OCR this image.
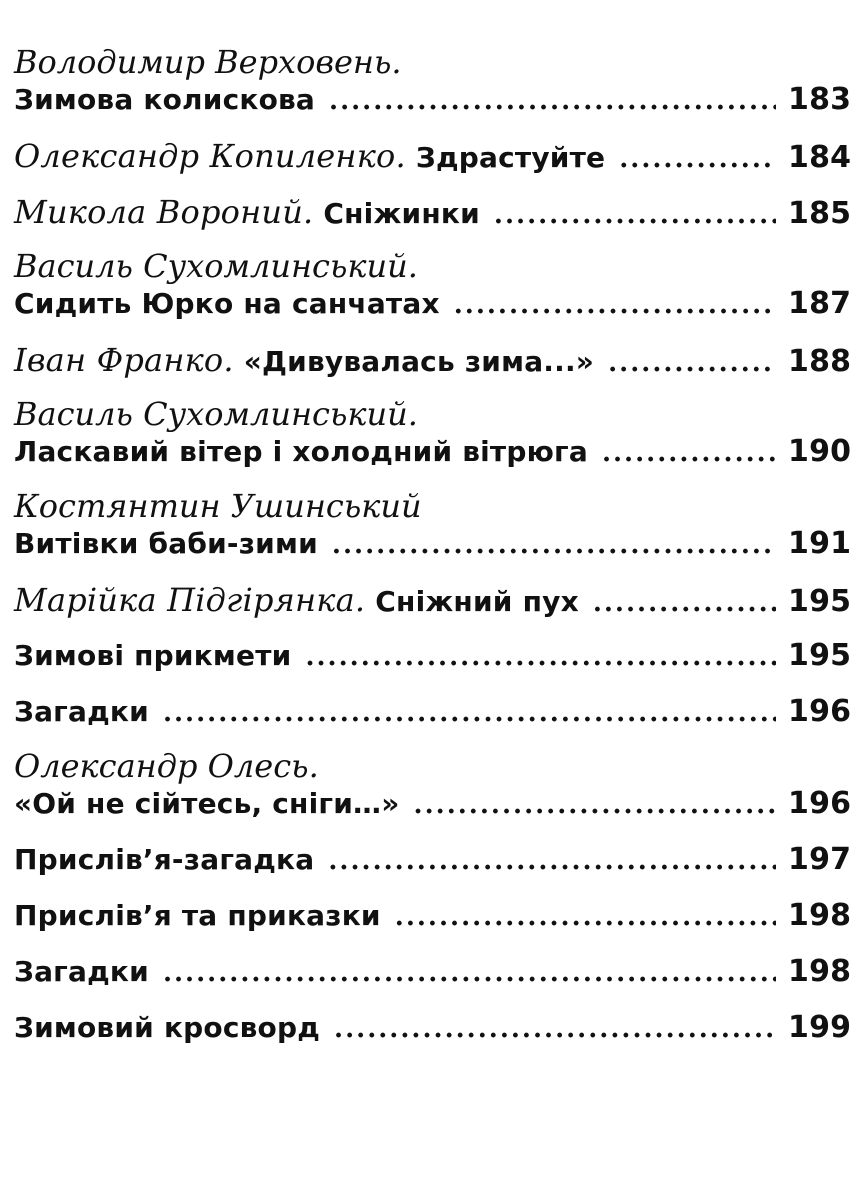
Володимир Верховень.
Зимова колискова .....	183
Олександр Копиленко. Здрастуйте .....	184
Микола Вороний. Сніжинки .....	185
Василь Сухомлинський.
Сидить Юрко на санчатах .....	187
Іван Франко. «Дивувалась зима...» .....	188
Василь Сухомлинський.
Ласкавий вітер і холодний вітрюга .....	190
Костянтин Ушинський
Витівки баби-зими .....	191
Марійка Підгірянка. Сніжний пух .....	195
Зимові прикмети .....	195
Загадки .....	196
Олександр Олесь.
«Ой не сійтесь, сніги…» .....	196
Прислів’я-загадка .....	197
Прислів’я та приказки .....	198
Загадки .....	198
Зимовий кросворд .....	199
